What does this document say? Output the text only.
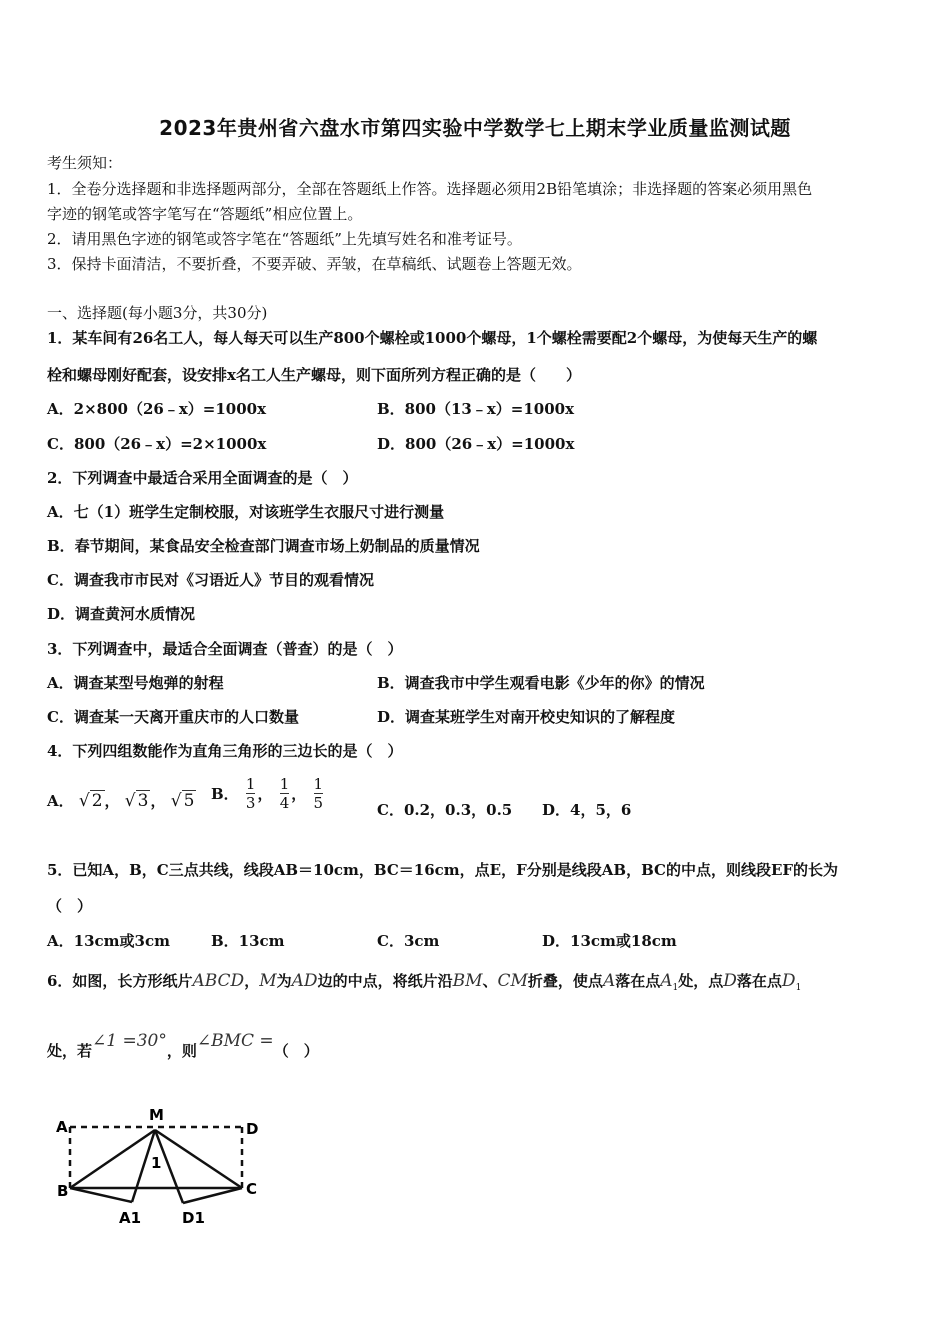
2023年贵州省六盘水市第四实验中学数学七上期末学业质量监测试题
考生须知：
1．全卷分选择题和非选择题两部分，全部在答题纸上作答。选择题必须用2B铅笔填涂；非选择题的答案必须用黑色
字迹的钢笔或答字笔写在“答题纸”相应位置上。
2．请用黑色字迹的钢笔或答字笔在“答题纸”上先填写姓名和准考证号。
3．保持卡面清洁，不要折叠，不要弄破、弄皱，在草稿纸、试题卷上答题无效。
一、选择题(每小题3分，共30分)
1．某车间有26名工人，每人每天可以生产800个螺栓或1000个螺母，1个螺栓需要配2个螺母，为使每天生产的螺
栓和螺母刚好配套，设安排x名工人生产螺母，则下面所列方程正确的是（　　）
A．2×800（26﹣x）=1000x	B．800（13﹣x）=1000x
C．800（26﹣x）=2×1000x	D．800（26﹣x）=1000x
2．下列调查中最适合采用全面调查的是（　）
A．七（1）班学生定制校服，对该班学生衣服尺寸进行测量
B．春节期间，某食品安全检查部门调查市场上奶制品的质量情况
C．调查我市市民对《习语近人》节目的观看情况
D．调查黄河水质情况
3．下列调查中，最适合全面调查（普查）的是（　）
A．调查某型号炮弹的射程	B．调查我市中学生观看电影《少年的你》的情况
C．调查某一天离开重庆市的人口数量	D．调查某班学生对南开校史知识的了解程度
4．下列四组数能作为直角三角形的三边长的是（　）
A． √ 2 ， √ 3 ， √ 5 B． $\frac{1}{3}$ ， $\frac{1}{4}$ ， $\frac{1}{5}$	C．0.2，0.3，0.5 D．4，5，6
5．已知A，B，C三点共线，线段AB＝10cm，BC＝16cm，点E，F分别是线段AB，BC的中点，则线段EF的长为
（　）
A．13cm或3cm	B．13cm	C．3cm	D．13cm或18cm
6．如图，长方形纸片ABCD，M为AD边的中点，将纸片沿BM、CM折叠，使点A落在点$A_1$处，点D落在点$D_1$
处，若∠1 =30°，则∠BMC =（　）
A
M
D
B	C
A1	D1
1
